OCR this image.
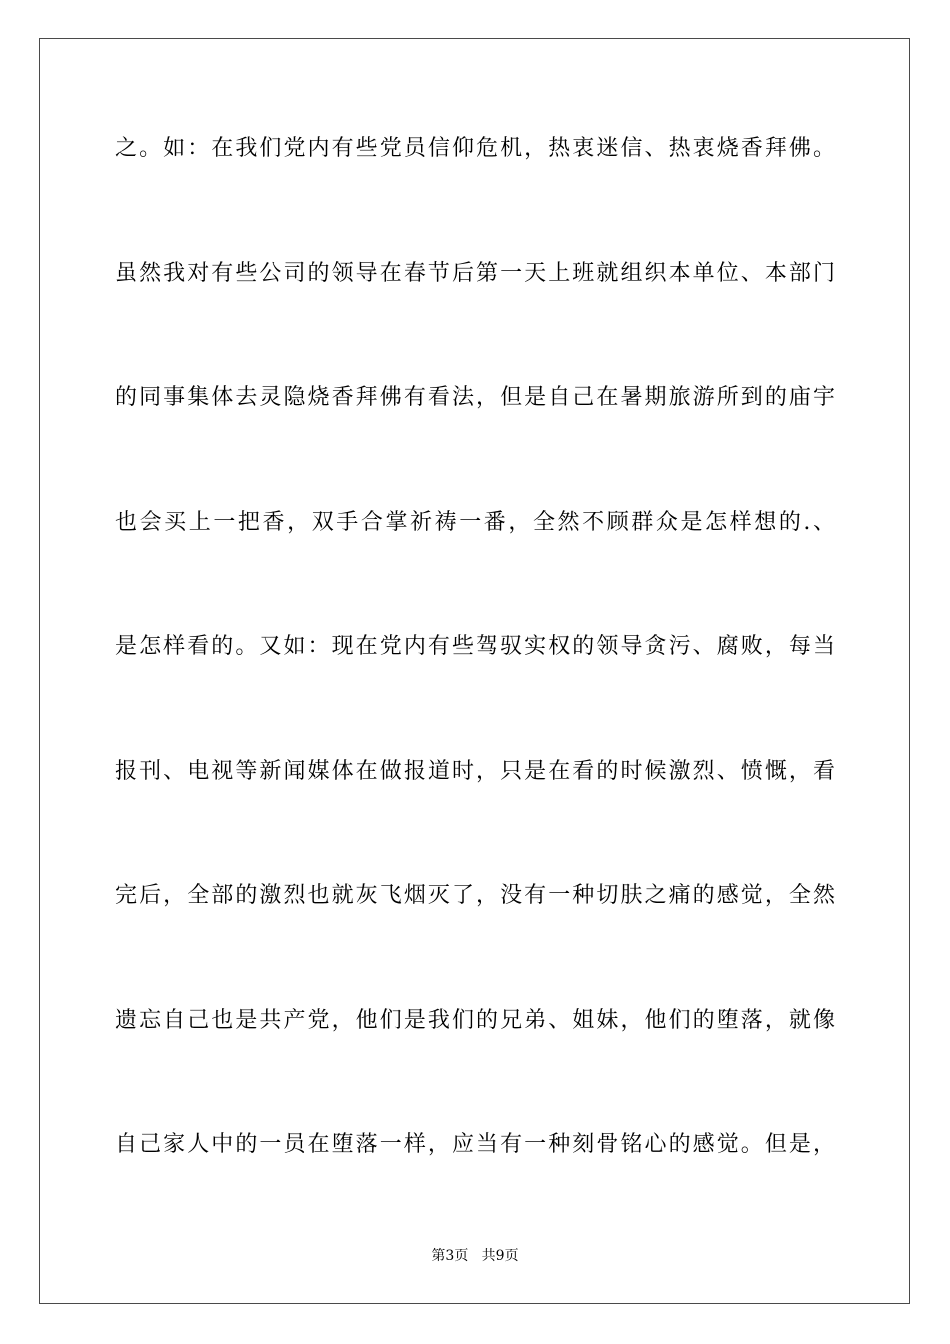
之。如：在我们党内有些党员信仰危机，热衷迷信、热衷烧香拜佛。
虽然我对有些公司的领导在春节后第一天上班就组织本单位、本部门
的同事集体去灵隐烧香拜佛有看法，但是自己在暑期旅游所到的庙宇
也会买上一把香，双手合掌祈祷一番，全然不顾群众是怎样想的.、
是怎样看的。又如：现在党内有些驾驭实权的领导贪污、腐败，每当
报刊、电视等新闻媒体在做报道时，只是在看的时候激烈、愤慨，看
完后，全部的激烈也就灰飞烟灭了，没有一种切肤之痛的感觉，全然
遗忘自己也是共产党，他们是我们的兄弟、姐妹，他们的堕落，就像
自己家人中的一员在堕落一样，应当有一种刻骨铭心的感觉。但是，
第3页   共9页
